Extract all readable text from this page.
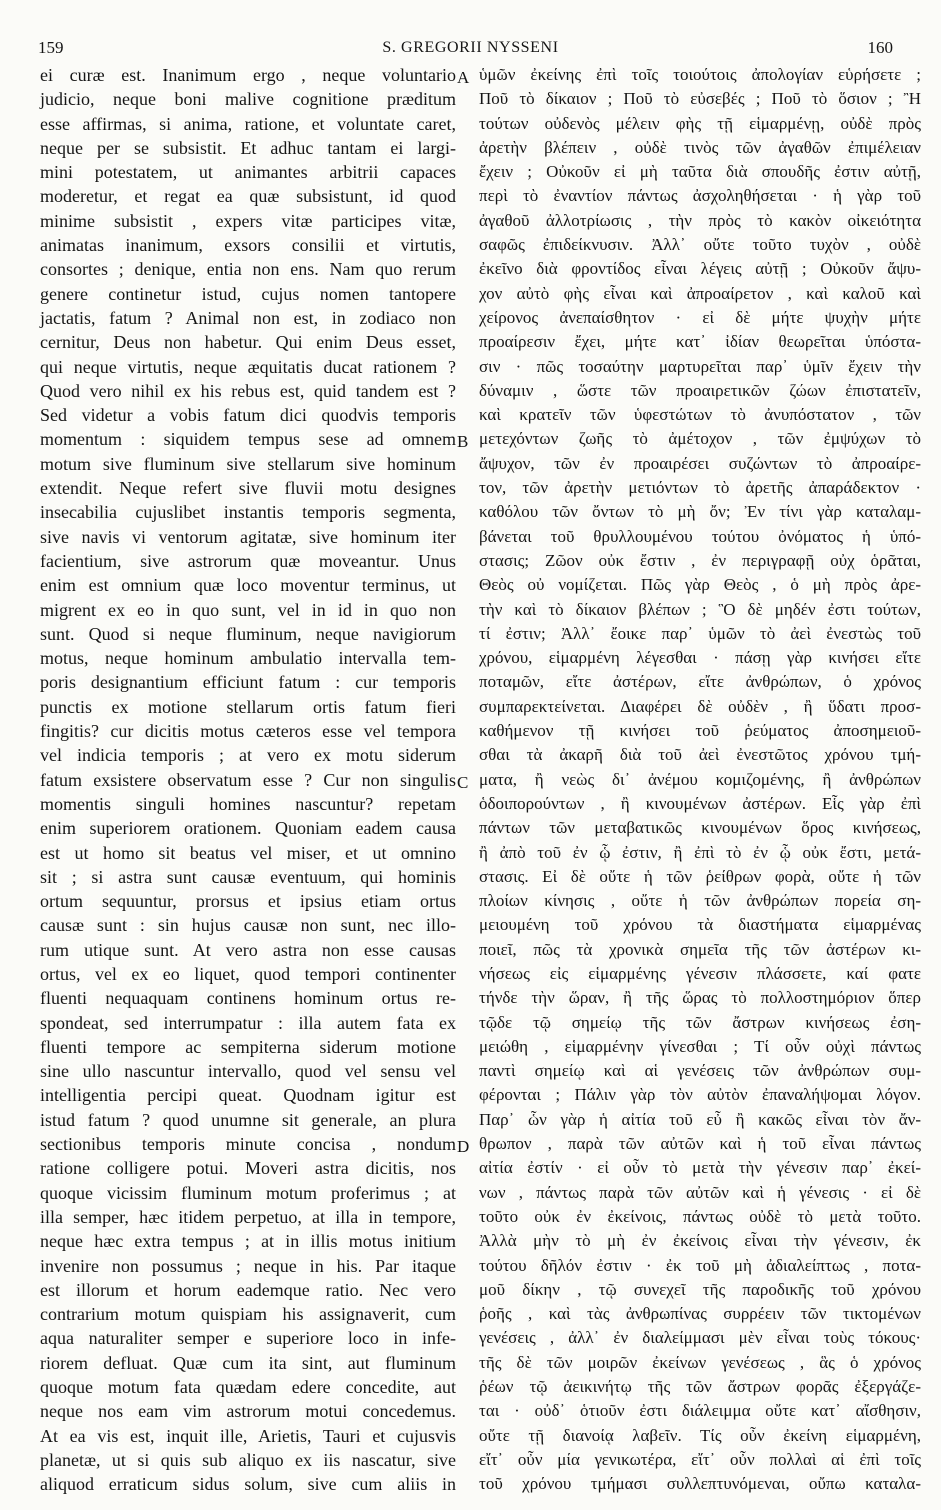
159	S. GREGORII NYSSENI	160
ei curæ est. Inanimum ergo , neque voluntario
judicio, neque boni malive cognitione præditum
esse affirmas, si anima, ratione, et voluntate caret,
neque per se subsistit. Et adhuc tantam ei largi-
mini potestatem, ut animantes arbitrii capaces
moderetur, et regat ea quæ subsistunt, id quod
minime subsistit , expers vitæ participes vitæ,
animatas inanimum, exsors consilii et virtutis,
consortes ; denique, entia non ens. Nam quo rerum
genere continetur istud, cujus nomen tantopere
jactatis, fatum ? Animal non est, in zodiaco non
cernitur, Deus non habetur. Qui enim Deus esset,
qui neque virtutis, neque æquitatis ducat rationem ?
Quod vero nihil ex his rebus est, quid tandem est ?
Sed videtur a vobis fatum dici quodvis temporis
momentum : siquidem tempus sese ad omnem
motum sive fluminum sive stellarum sive hominum
extendit. Neque refert sive fluvii motu designes
insecabilia cujuslibet instantis temporis segmenta,
sive navis vi ventorum agitatæ, sive hominum iter
facientium, sive astrorum quæ moveantur. Unus
enim est omnium quæ loco moventur terminus, ut
migrent ex eo in quo sunt, vel in id in quo non
sunt. Quod si neque fluminum, neque navigiorum
motus, neque hominum ambulatio intervalla tem-
poris designantium efficiunt fatum : cur temporis
punctis ex motione stellarum ortis fatum fieri
fingitis? cur dicitis motus cæteros esse vel tempora
vel indicia temporis ; at vero ex motu siderum
fatum exsistere observatum esse ? Cur non singulis
momentis singuli homines nascuntur? repetam
enim superiorem orationem. Quoniam eadem causa
est ut homo sit beatus vel miser, et ut omnino
sit ; si astra sunt causæ eventuum, qui hominis
ortum sequuntur, prorsus et ipsius etiam ortus
causæ sunt : sin hujus causæ non sunt, nec illo-
rum utique sunt. At vero astra non esse causas
ortus, vel ex eo liquet, quod tempori continenter
fluenti nequaquam continens hominum ortus re-
spondeat, sed interrumpatur : illa autem fata ex
fluenti tempore ac sempiterna siderum motione
sine ullo nascuntur intervallo, quod vel sensu vel
intelligentia percipi queat. Quodnam igitur est
istud fatum ? quod unumne sit generale, an plura
sectionibus temporis minute concisa , nondum
ratione colligere potui. Moveri astra dicitis, nos
quoque vicissim fluminum motum proferimus ; at
illa semper, hæc itidem perpetuo, at illa in tempore,
neque hæc extra tempus ; at in illis motus initium
invenire non possumus ; neque in his. Par itaque
est illorum et horum eademque ratio. Nec vero
contrarium motum quispiam his assignaverit, cum
aqua naturaliter semper e superiore loco in infe-
riorem defluat. Quæ cum ita sint, aut fluminum
quoque motum fata quædam edere concedite, aut
neque nos eam vim astrorum motui concedemus.
At ea vis est, inquit ille, Arietis, Tauri et cujusvis
planetæ, ut si quis sub aliquo ex iis nascatur, sive
aliquod erraticum sidus solum, sive cum aliis in
ὑμῶν ἐκείνης ἐπὶ τοῖς τοιούτοις ἀπολογίαν εὑρήσετε ;
A
Ποῦ τὸ δίκαιον ; Ποῦ τὸ εὐσεβές ; Ποῦ τὸ ὅσιον ; Ἢ
τούτων οὐδενὸς μέλειν φὴς τῇ εἱμαρμένῃ, οὐδὲ πρὸς
ἀρετὴν βλέπειν , οὐδὲ τινὸς τῶν ἀγαθῶν ἐπιμέλειαν
ἔχειν ; Οὐκοῦν εἰ μὴ ταῦτα διὰ σπουδῆς ἐστιν αὐτῇ,
περὶ τὸ ἐναντίον πάντως ἀσχοληθήσεται · ἡ γὰρ τοῦ
ἀγαθοῦ ἀλλοτρίωσις , τὴν πρὸς τὸ κακὸν οἰκειότητα
σαφῶς ἐπιδείκνυσιν. Ἀλλ᾽ οὔτε τοῦτο τυχὸν , οὐδὲ
ἐκεῖνο διὰ φροντίδος εἶναι λέγεις αὐτῇ ; Οὐκοῦν ἄψυ-
χον αὐτὸ φὴς εἶναι καὶ ἀπροαίρετον , καὶ καλοῦ καὶ
χείρονος ἀνεπαίσθητον · εἰ δὲ μήτε ψυχὴν μήτε
προαίρεσιν ἔχει, μήτε κατ᾽ ἰδίαν θεωρεῖται ὑπόστα-
σιν · πῶς τοσαύτην μαρτυρεῖται παρ᾽ ὑμῖν ἔχειν τὴν
δύναμιν , ὥστε τῶν προαιρετικῶν ζώων ἐπιστατεῖν,
καὶ κρατεῖν τῶν ὑφεστώτων τὸ ἀνυπόστατον , τῶν
μετεχόντων ζωῆς τὸ ἀμέτοχον , τῶν ἐμψύχων τὸ
B
ἄψυχον, τῶν ἐν προαιρέσει συζώντων τὸ ἀπροαίρε-
τον, τῶν ἀρετὴν μετιόντων τὸ ἀρετῆς ἀπαράδεκτον ·
καθόλου τῶν ὄντων τὸ μὴ ὄν; Ἐν τίνι γὰρ καταλαμ-
βάνεται τοῦ θρυλλουμένου τούτου ὀνόματος ἡ ὑπό-
στασις; Ζῶον οὐκ ἔστιν , ἐν περιγραφῇ οὐχ ὁρᾶται,
Θεὸς οὐ νομίζεται. Πῶς γὰρ Θεὸς , ὁ μὴ πρὸς ἀρε-
τὴν καὶ τὸ δίκαιον βλέπων ; Ὃ δὲ μηδέν ἐστι τούτων,
τί ἐστιν; Ἀλλ᾽ ἔοικε παρ᾽ ὑμῶν τὸ ἀεὶ ἐνεστὼς τοῦ
χρόνου, εἱμαρμένη λέγεσθαι · πάσῃ γὰρ κινήσει εἴτε
ποταμῶν, εἴτε ἀστέρων, εἴτε ἀνθρώπων, ὁ χρόνος
συμπαρεκτείνεται. Διαφέρει δὲ οὐδὲν , ἢ ὕδατι προσ-
καθήμενον τῇ κινήσει τοῦ ῥεύματος ἀποσημειοῦ-
σθαι τὰ ἀκαρῆ διὰ τοῦ ἀεὶ ἐνεστῶτος χρόνου τμή-
ματα, ἢ νεὼς δι᾽ ἀνέμου κομιζομένης, ἢ ἀνθρώπων
C
ὁδοιπορούντων , ἢ κινουμένων ἀστέρων. Εἷς γὰρ ἐπὶ
πάντων τῶν μεταβατικῶς κινουμένων ὅρος κινήσεως,
ἢ ἀπὸ τοῦ ἐν ᾧ ἐστιν, ἢ ἐπὶ τὸ ἐν ᾧ οὐκ ἔστι, μετά-
στασις. Εἰ δὲ οὔτε ἡ τῶν ῥείθρων φορὰ, οὔτε ἡ τῶν
πλοίων κίνησις , οὔτε ἡ τῶν ἀνθρώπων πορεία ση-
μειουμένη τοῦ χρόνου τὰ διαστήματα εἱμαρμένας
ποιεῖ, πῶς τὰ χρονικὰ σημεῖα τῆς τῶν ἀστέρων κι-
νήσεως εἰς εἱμαρμένης γένεσιν πλάσσετε, καί φατε
τήνδε τὴν ὥραν, ἢ τῆς ὥρας τὸ πολλοστημόριον ὅπερ
τῷδε τῷ σημείῳ τῆς τῶν ἄστρων κινήσεως ἐση-
μειώθη , εἱμαρμένην γίνεσθαι ; Τί οὖν οὐχὶ πάντως
παντὶ σημείῳ καὶ αἱ γενέσεις τῶν ἀνθρώπων συμ-
φέρονται ; Πάλιν γὰρ τὸν αὐτὸν ἐπαναλήψομαι λόγον.
Παρ᾽ ὧν γὰρ ἡ αἰτία τοῦ εὖ ἢ κακῶς εἶναι τὸν ἄν-
θρωπον , παρὰ τῶν αὐτῶν καὶ ἡ τοῦ εἶναι πάντως
D
αἰτία ἐστίν · εἰ οὖν τὸ μετὰ τὴν γένεσιν παρ᾽ ἐκεί-
νων , πάντως παρὰ τῶν αὐτῶν καὶ ἡ γένεσις · εἰ δὲ
τοῦτο οὐκ ἐν ἐκείνοις, πάντως οὐδὲ τὸ μετὰ τοῦτο.
Ἀλλὰ μὴν τὸ μὴ ἐν ἐκείνοις εἶναι τὴν γένεσιν, ἐκ
τούτου δῆλόν ἐστιν · ἐκ τοῦ μὴ ἀδιαλείπτως , ποτα-
μοῦ δίκην , τῷ συνεχεῖ τῆς παροδικῆς τοῦ χρόνου
ῥοῆς , καὶ τὰς ἀνθρωπίνας συρρέειν τῶν τικτομένων
γενέσεις , ἀλλ᾽ ἐν διαλείμμασι μὲν εἶναι τοὺς τόκους·
τῆς δὲ τῶν μοιρῶν ἐκείνων γενέσεως , ἃς ὁ χρόνος
ῥέων τῷ ἀεικινήτῳ τῆς τῶν ἄστρων φορᾶς ἐξεργάζε-
ται · οὐδ᾽ ὁτιοῦν ἐστι διάλειμμα οὔτε κατ᾽ αἴσθησιν,
οὔτε τῇ διανοίᾳ λαβεῖν. Τίς οὖν ἐκείνη εἱμαρμένη,
εἴτ᾽ οὖν μία γενικωτέρα, εἴτ᾽ οὖν πολλαὶ αἱ ἐπὶ τοῖς
τοῦ χρόνου τμήμασι συλλεπτυνόμεναι, οὔπω καταλα-
